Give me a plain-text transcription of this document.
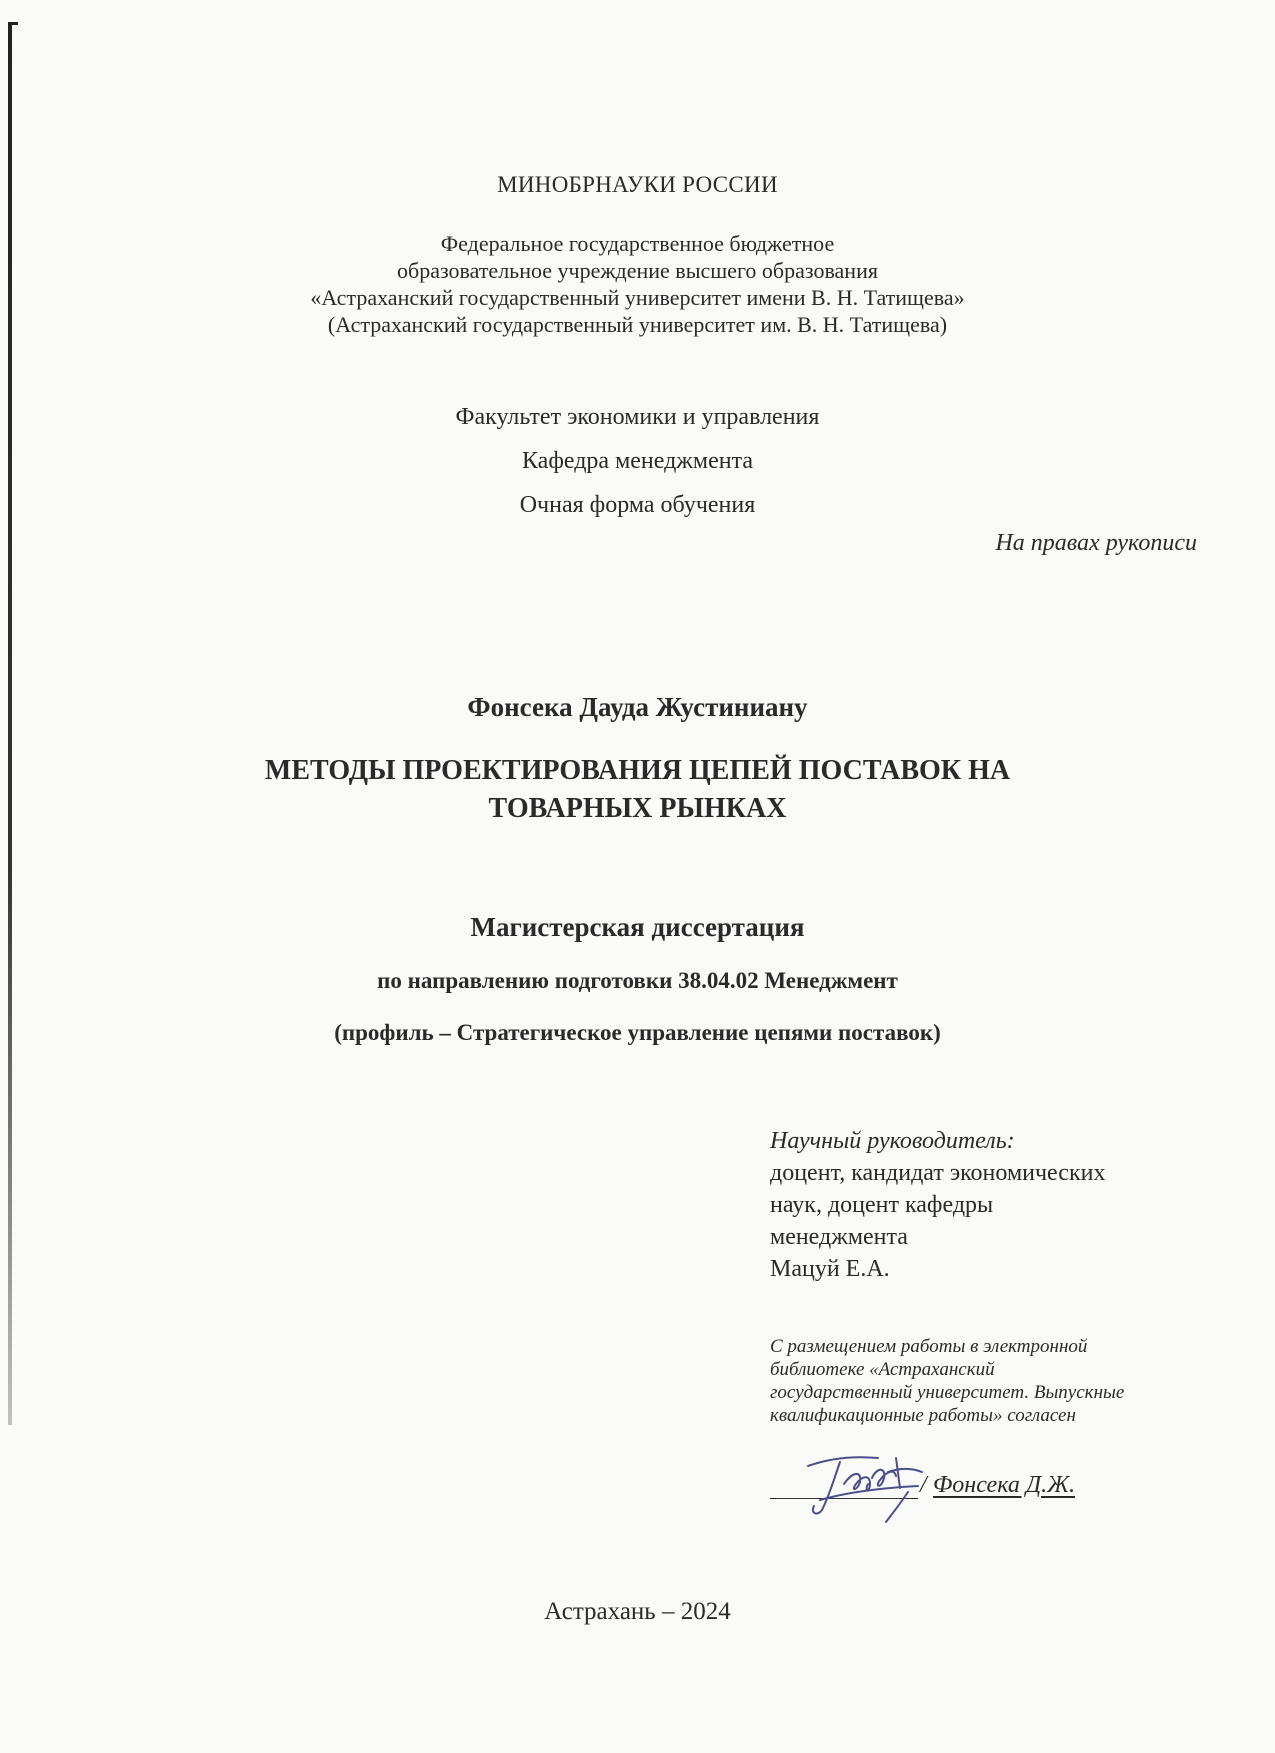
МИНОБРНАУКИ РОССИИ
Федеральное государственное бюджетное
образовательное учреждение высшего образования
«Астраханский государственный университет имени В. Н. Татищева»
(Астраханский государственный университет им. В. Н. Татищева)
Факультет экономики и управления
Кафедра менеджмента
Очная форма обучения
На правах рукописи
Фонсека Дауда Жустиниану
МЕТОДЫ ПРОЕКТИРОВАНИЯ ЦЕПЕЙ ПОСТАВОК НА
ТОВАРНЫХ РЫНКАХ
Магистерская диссертация
по направлению подготовки 38.04.02 Менеджмент
(профиль – Стратегическое управление цепями поставок)
Научный руководитель:
доцент, кандидат экономических
наук, доцент кафедры
менеджмента
Мацуй Е.А.
С размещением работы в электронной
библиотеке «Астраханский
государственный университет. Выпускные
квалификационные работы» согласен
/ Фонсека Д.Ж.
Астрахань – 2024
